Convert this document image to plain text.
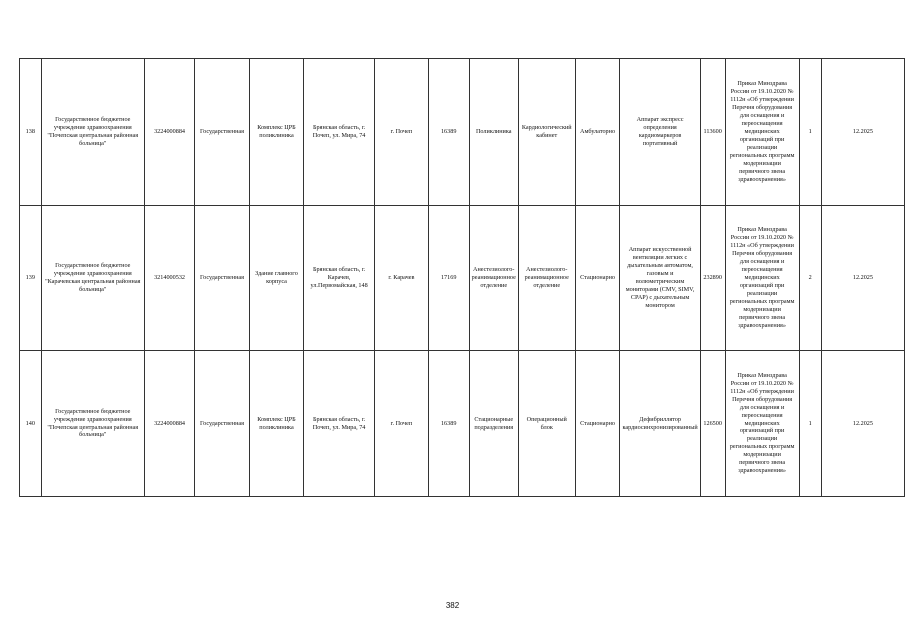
138	Государственное бюджетное учреждение здравоохранения "Почепская центральная районная больница"	3224000884	Государственная	Комплекс ЦРБ поликлиника	Брянская область, г. Почеп, ул. Мира, 74	г. Почеп	16389	Поликлиника	Кардиологический кабинет	Амбулаторно	Аппарат экспресс определения кардиомаркеров портативный	113600	Приказ Минздрава России от 19.10.2020 № 1112н «Об утверждении Перечня оборудования для оснащения и переоснащения медицинских организаций при реализации региональных программ модернизации первичного звена здравоохранения»	1	12.2025
139	Государственное бюджетное учреждение здравоохранения "Карачевская центральная районная больница"	3214000532	Государственная	Здание главного корпуса	Брянская область, г. Карачев, ул.Первомайская, 148	г. Карачев	17169	Анестезиолого-реанимационное отделение	Анестезиолого-реанимационное отделение	Стационарно	Аппарат искусственной вентиляции легких с дыхательным автоматом, газовым и волюметрическим мониторами (CMV, SIMV, CPAP) с дыхательным монитором	232890	Приказ Минздрава России от 19.10.2020 № 1112н «Об утверждении Перечня оборудования для оснащения и переоснащения медицинских организаций при реализации региональных программ модернизации первичного звена здравоохранения»	2	12.2025
140	Государственное бюджетное учреждение здравоохранения "Почепская центральная районная больница"	3224000884	Государственная	Комплекс ЦРБ поликлиника	Брянская область, г. Почеп, ул. Мира, 74	г. Почеп	16389	Стационарные подразделения	Операционный блок	Стационарно	Дефибриллятор кардиосинхронизированный	126500	Приказ Минздрава России от 19.10.2020 № 1112н «Об утверждении Перечня оборудования для оснащения и переоснащения медицинских организаций при реализации региональных программ модернизации первичного звена здравоохранения»	1	12.2025
382
